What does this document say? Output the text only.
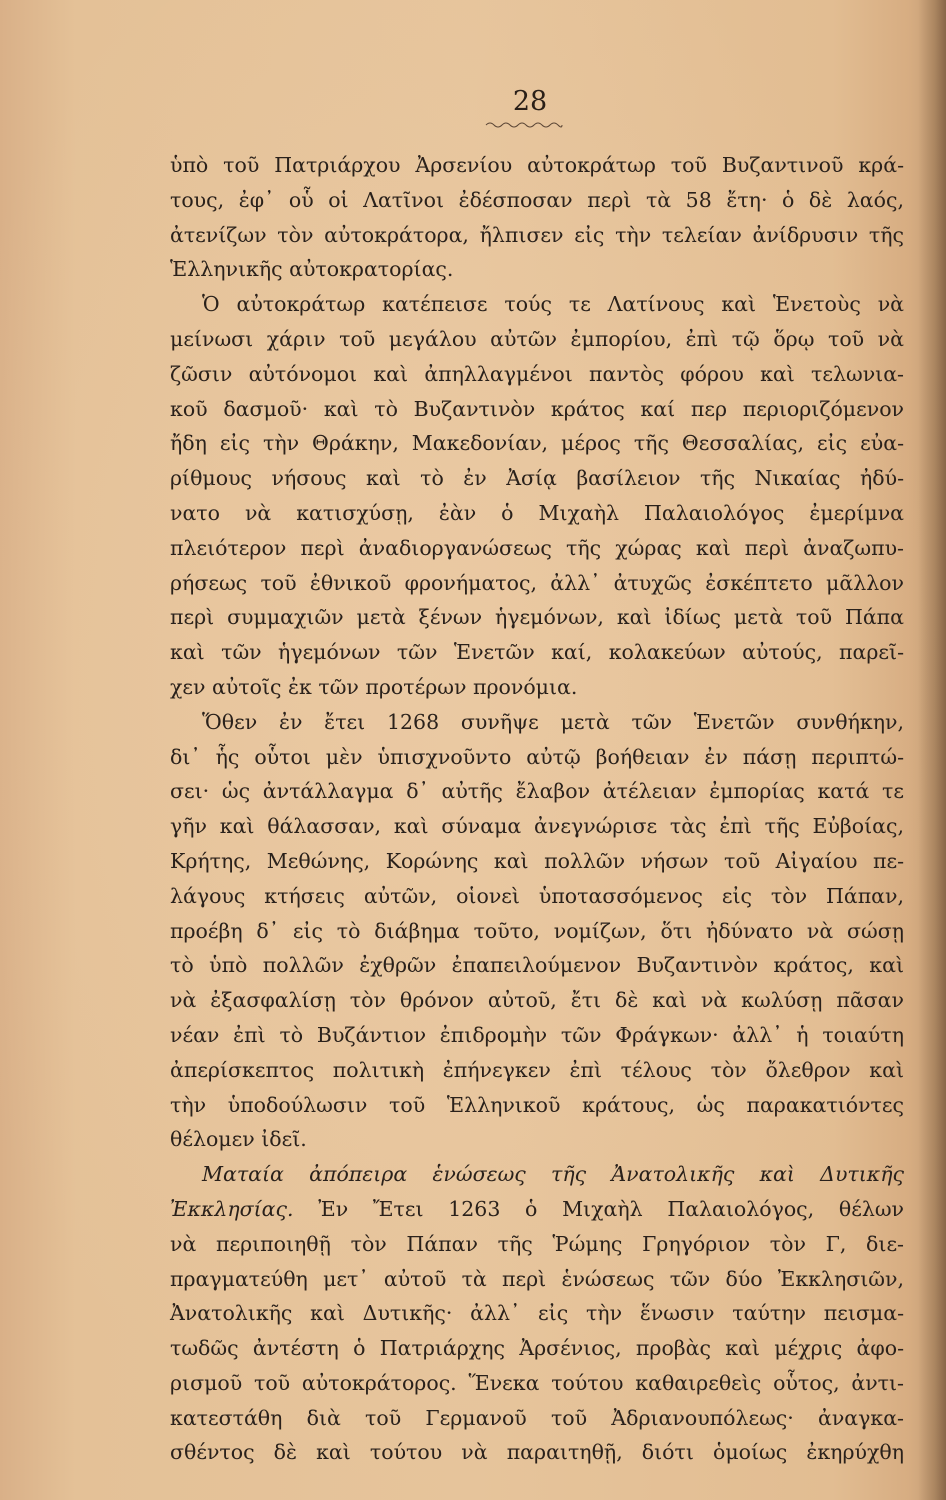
28
ὑπὸ τοῦ Πατριάρχου Ἀρσενίου αὐτοκράτωρ τοῦ Βυζαντινοῦ κρά-
τους, ἐφ᾽ οὗ οἱ Λατῖνοι ἐδέσποσαν περὶ τὰ 58 ἔτη· ὁ δὲ λαός,
ἀτενίζων τὸν αὐτοκράτορα, ἤλπισεν εἰς τὴν τελείαν ἀνίδρυσιν τῆς
Ἑλληνικῆς αὐτοκρατορίας.
Ὁ αὐτοκράτωρ κατέπεισε τούς τε Λατίνους καὶ Ἑνετοὺς νὰ
μείνωσι χάριν τοῦ μεγάλου αὐτῶν ἐμπορίου, ἐπὶ τῷ ὅρῳ τοῦ νὰ
ζῶσιν αὐτόνομοι καὶ ἀπηλλαγμένοι παντὸς φόρου καὶ τελωνια-
κοῦ δασμοῦ· καὶ τὸ Βυζαντινὸν κράτος καί περ περιοριζόμενον
ἤδη εἰς τὴν Θράκην, Μακεδονίαν, μέρος τῆς Θεσσαλίας, εἰς εὐα-
ρίθμους νήσους καὶ τὸ ἐν Ἀσίᾳ βασίλειον τῆς Νικαίας ἠδύ-
νατο νὰ κατισχύσῃ, ἐὰν ὁ Μιχαὴλ Παλαιολόγος ἐμερίμνα
πλειότερον περὶ ἀναδιοργανώσεως τῆς χώρας καὶ περὶ ἀναζωπυ-
ρήσεως τοῦ ἐθνικοῦ φρονήματος, ἀλλ᾽ ἀτυχῶς ἐσκέπτετο μᾶλλον
περὶ συμμαχιῶν μετὰ ξένων ἡγεμόνων, καὶ ἰδίως μετὰ τοῦ Πάπα
καὶ τῶν ἡγεμόνων τῶν Ἑνετῶν καί, κολακεύων αὐτούς, παρεῖ-
χεν αὐτοῖς ἐκ τῶν προτέρων προνόμια.
Ὅθεν ἐν ἔτει 1268 συνῆψε μετὰ τῶν Ἑνετῶν συνθήκην,
δι᾽ ἧς οὗτοι μὲν ὑπισχνοῦντο αὐτῷ βοήθειαν ἐν πάσῃ περιπτώ-
σει· ὡς ἀντάλλαγμα δ᾽ αὐτῆς ἔλαβον ἀτέλειαν ἐμπορίας κατά τε
γῆν καὶ θάλασσαν, καὶ σύναμα ἀνεγνώρισε τὰς ἐπὶ τῆς Εὐβοίας,
Κρήτης, Μεθώνης, Κορώνης καὶ πολλῶν νήσων τοῦ Αἰγαίου πε-
λάγους κτήσεις αὐτῶν, οἱονεὶ ὑποτασσόμενος εἰς τὸν Πάπαν,
προέβη δ᾽ εἰς τὸ διάβημα τοῦτο, νομίζων, ὅτι ἠδύνατο νὰ σώσῃ
τὸ ὑπὸ πολλῶν ἐχθρῶν ἐπαπειλούμενον Βυζαντινὸν κράτος, καὶ
νὰ ἐξασφαλίσῃ τὸν θρόνον αὐτοῦ, ἔτι δὲ καὶ νὰ κωλύσῃ πᾶσαν
νέαν ἐπὶ τὸ Βυζάντιον ἐπιδρομὴν τῶν Φράγκων· ἀλλ᾽ ἡ τοιαύτη
ἀπερίσκεπτος πολιτικὴ ἐπήνεγκεν ἐπὶ τέλους τὸν ὄλεθρον καὶ
τὴν ὑποδούλωσιν τοῦ Ἑλληνικοῦ κράτους, ὡς παρακατιόντες
θέλομεν ἰδεῖ.
Ματαία ἀπόπειρα ἑνώσεως τῆς Ἀνατολικῆς καὶ Δυτικῆς
Ἐκκλησίας. Ἐν Ἔτει 1263 ὁ Μιχαὴλ Παλαιολόγος, θέλων
νὰ περιποιηθῇ τὸν Πάπαν τῆς Ῥώμης Γρηγόριον τὸν Γ, διε-
πραγματεύθη μετ᾽ αὐτοῦ τὰ περὶ ἑνώσεως τῶν δύο Ἐκκλησιῶν,
Ἀνατολικῆς καὶ Δυτικῆς· ἀλλ᾽ εἰς τὴν ἕνωσιν ταύτην πεισμα-
τωδῶς ἀντέστη ὁ Πατριάρχης Ἀρσένιος, προβὰς καὶ μέχρις ἀφο-
ρισμοῦ τοῦ αὐτοκράτορος. Ἕνεκα τούτου καθαιρεθεὶς οὗτος, ἀντι-
κατεστάθη διὰ τοῦ Γερμανοῦ τοῦ Ἀδριανουπόλεως· ἀναγκα-
σθέντος δὲ καὶ τούτου νὰ παραιτηθῇ, διότι ὁμοίως ἐκηρύχθη
